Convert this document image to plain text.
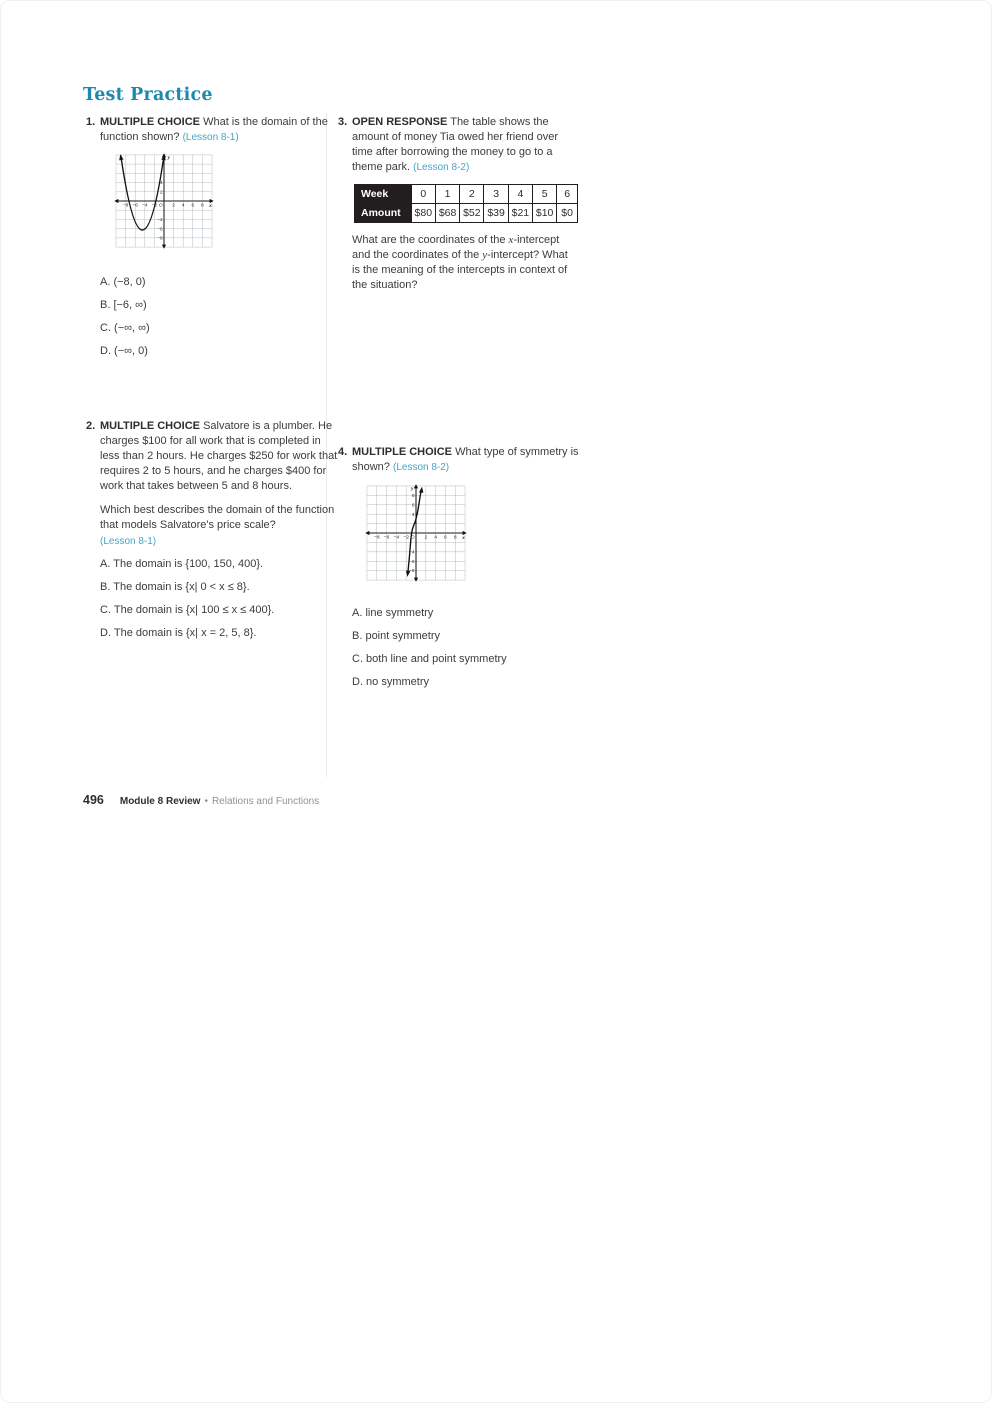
Test Practice
1. MULTIPLE CHOICE What is the domain of the function shown? (Lesson 8-1)
−8 −6 −4 −2	2 4 6 8
4
2
−4
−6
−8
O	x
y
A. (−8, 0)
B. [−6, ∞)
C. (−∞, ∞)
D. (−∞, 0)
2. MULTIPLE CHOICE Salvatore is a plumber. He charges $100 for all work that is completed in less than 2 hours. He charges $250 for work that requires 2 to 5 hours, and he charges $400 for work that takes between 5 and 8 hours.
Which best describes the domain of the function that models Salvatore's price scale?
(Lesson 8-1)
A. The domain is {100, 150, 400}.
B. The domain is {x| 0 < x ≤ 8}.
C. The domain is {x| 100 ≤ x ≤ 400}.
D. The domain is {x| x = 2, 5, 8}.
3. OPEN RESPONSE The table shows the amount of money Tia owed her friend over time after borrowing the money to go to a theme park. (Lesson 8-2)
Week	0	1	2	3	4	5	6
Amount	$80	$68	$52	$39	$21	$10	$0

What are the coordinates of the x-intercept and the coordinates of the y-intercept? What is the meaning of the intercepts in context of the situation?

4. MULTIPLE CHOICE What type of symmetry is shown? (Lesson 8-2)
−8 −6 −4 −2	2 4 6 8
8
6
4
−4
−6
−8
O	x
y
A. line symmetry
B. point symmetry
C. both line and point symmetry
D. no symmetry
496 Module 8 Review • Relations and Functions
